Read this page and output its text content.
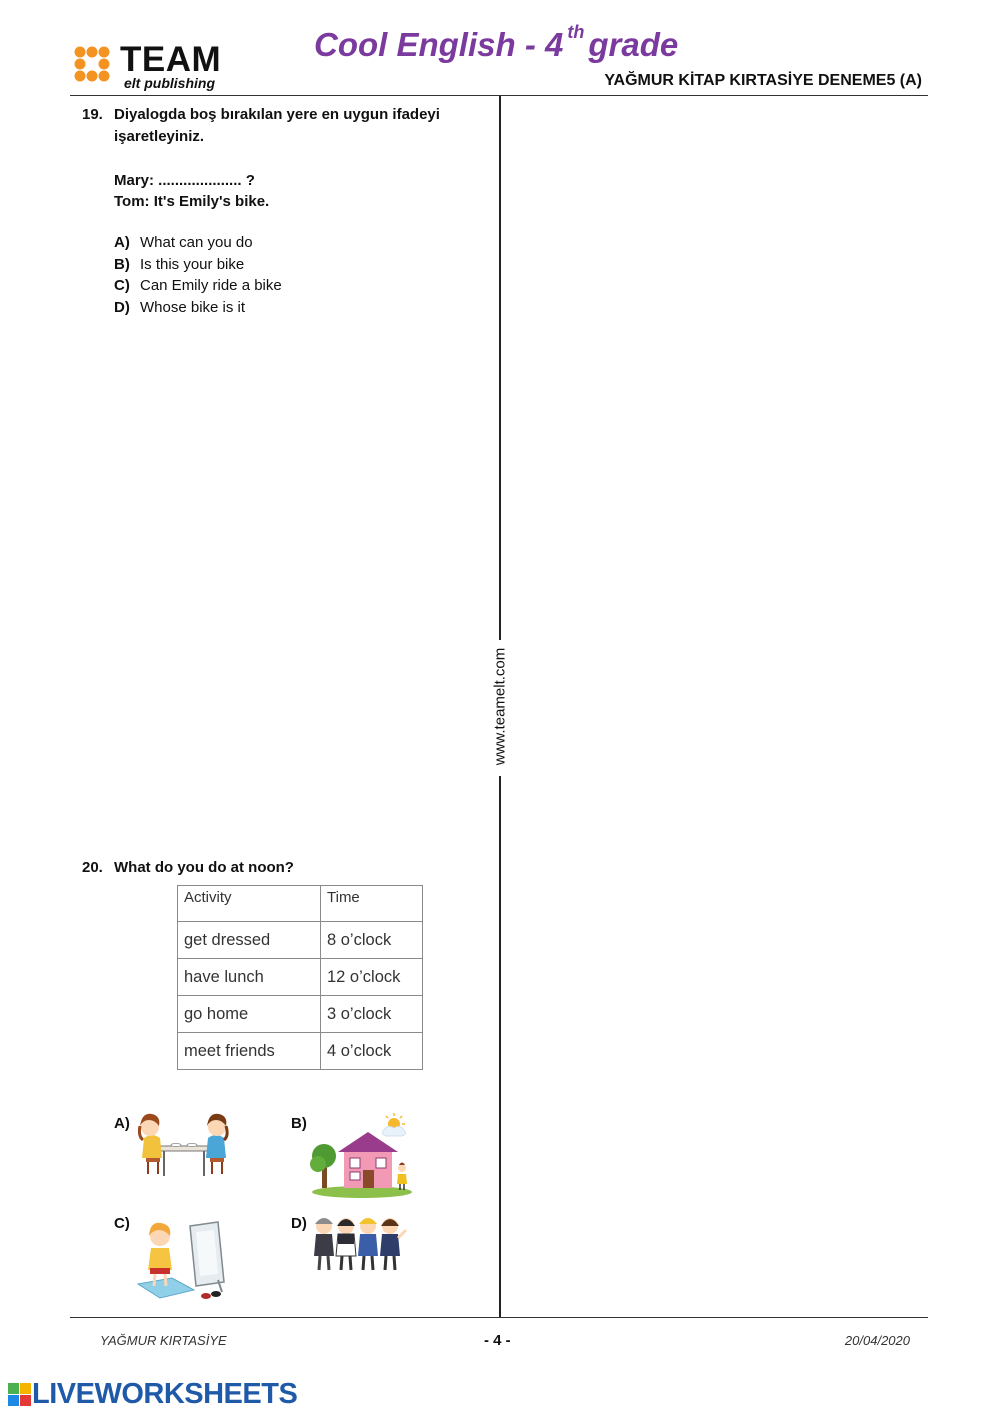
TEAM
elt publishing
Cool English - 4 $^{th}$ grade
YAĞMUR KİTAP KIRTASİYE DENEME5 (A)
www.teamelt.com
19. Diyalogda boş bırakılan yere en uygun ifadeyi işaretleyiniz.
Mary: .................... ?
Tom: It's Emily's bike.
A) What can you do
B) Is this your bike
C) Can Emily ride a bike
D) Whose bike is it
20. What do you do at noon?
Activity	Time
get dressed	8 o’clock
have lunch	12 o’clock
go home	3 o’clock
meet friends	4 o’clock
A)	B)
C)	D)
YAĞMUR KIRTASİYE	- 4 -	20/04/2020
LIVEWORKSHEETS
